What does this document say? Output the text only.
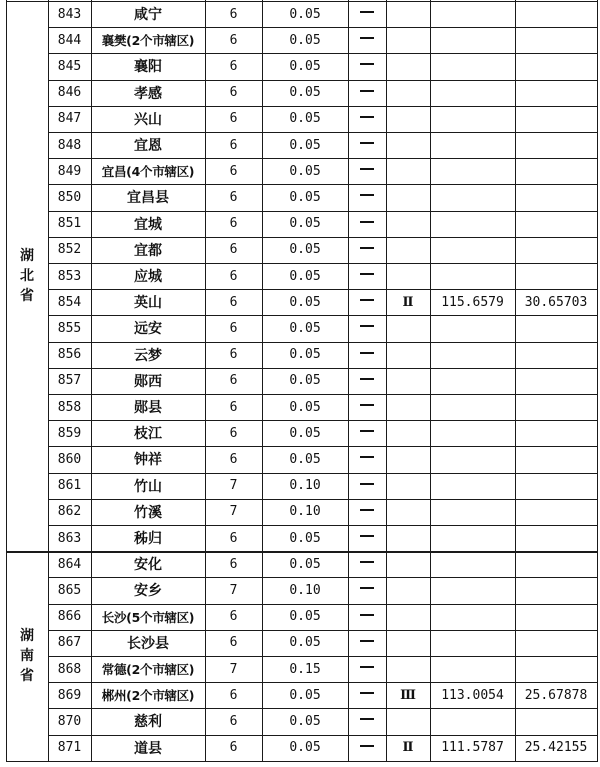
843	咸宁	6	0.05
844 襄樊(2个市辖区)	6	0.05
845	襄阳	6	0.05
846	孝感	6	0.05
847	兴山	6	0.05
848	宜恩	6	0.05
849 宜昌(4个市辖区)	6	0.05
850	宜昌县	6	0.05
851	宜城	6	0.05
852	宜都	6	0.05
853	应城	6	0.05
854	英山	6	0.05	Ⅱ 115.6579 30.65703
855	远安	6	0.05
856	云梦	6	0.05
857	郧西	6	0.05
858	郧县	6	0.05
859	枝江	6	0.05
860	钟祥	6	0.05
861	竹山	7	0.10
862	竹溪	7	0.10
863	秭归	6	0.05
湖
北
省
864	安化	6	0.05
865	安乡	7	0.10
866 长沙(5个市辖区)	6	0.05
867	长沙县	6	0.05
868 常德(2个市辖区)	7	0.15
869 郴州(2个市辖区)	6	0.05	Ⅲ 113.0054 25.67878
870	慈利	6	0.05
871	道县	6	0.05	Ⅱ 111.5787 25.42155
湖
南
省
